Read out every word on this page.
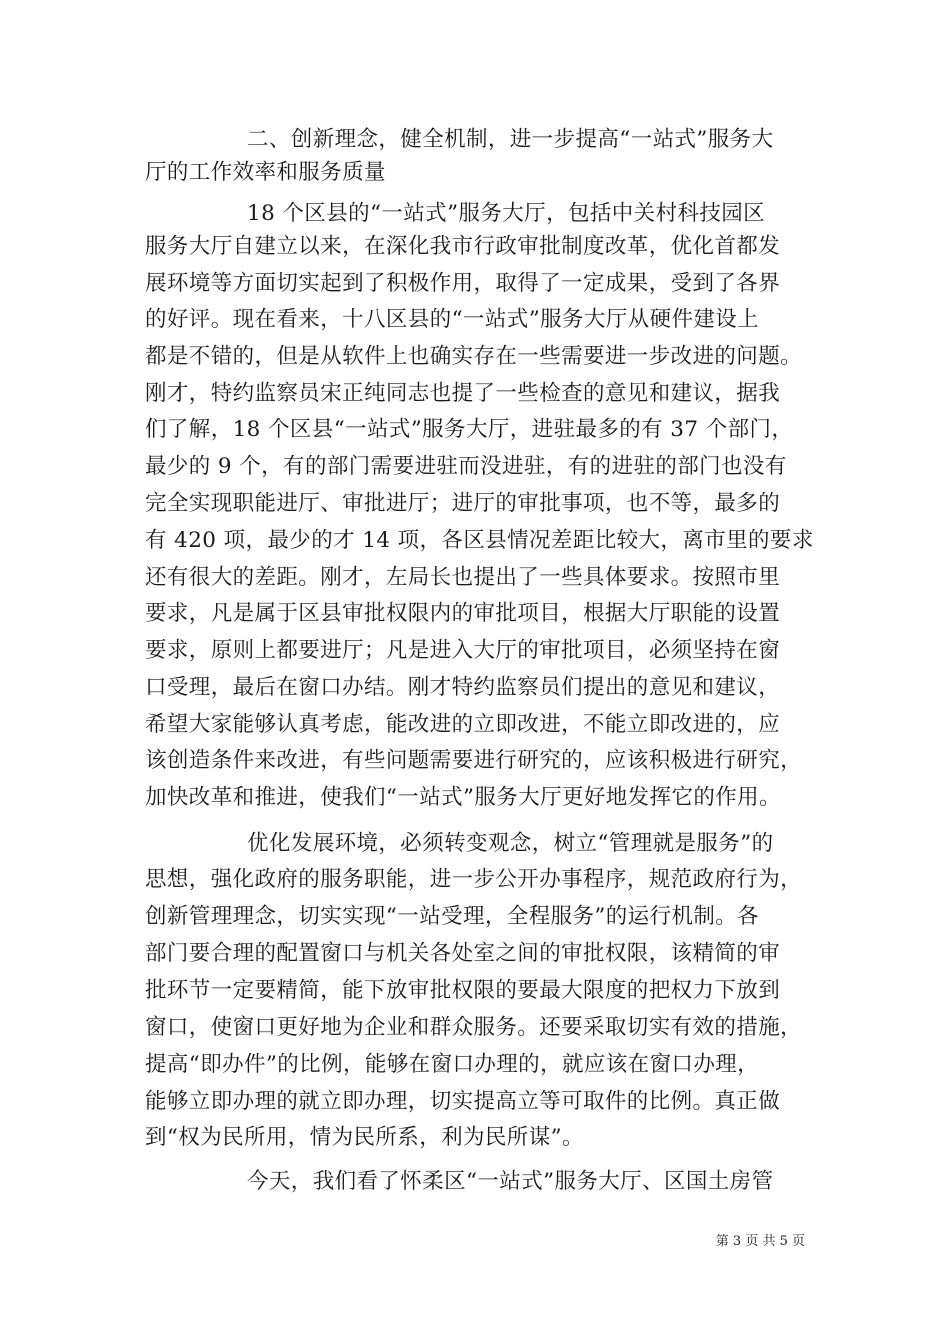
二、创新理念，健全机制，进一步提高“一站式”服务大
厅的工作效率和服务质量
18 个区县的“一站式”服务大厅，包括中关村科技园区
服务大厅自建立以来，在深化我市行政审批制度改革，优化首都发
展环境等方面切实起到了积极作用，取得了一定成果，受到了各界
的好评。现在看来，十八区县的“一站式”服务大厅从硬件建设上
都是不错的，但是从软件上也确实存在一些需要进一步改进的问题。
刚才，特约监察员宋正纯同志也提了一些检查的意见和建议，据我
们了解，18 个区县“一站式”服务大厅，进驻最多的有 37 个部门，
最少的 9 个，有的部门需要进驻而没进驻，有的进驻的部门也没有
完全实现职能进厅、审批进厅；进厅的审批事项，也不等，最多的
有 420 项，最少的才 14 项，各区县情况差距比较大，离市里的要求
还有很大的差距。刚才，左局长也提出了一些具体要求。按照市里
要求，凡是属于区县审批权限内的审批项目，根据大厅职能的设置
要求，原则上都要进厅；凡是进入大厅的审批项目，必须坚持在窗
口受理，最后在窗口办结。刚才特约监察员们提出的意见和建议，
希望大家能够认真考虑，能改进的立即改进，不能立即改进的，应
该创造条件来改进，有些问题需要进行研究的，应该积极进行研究，
加快改革和推进，使我们“一站式”服务大厅更好地发挥它的作用。
优化发展环境，必须转变观念，树立“管理就是服务”的
思想，强化政府的服务职能，进一步公开办事程序，规范政府行为，
创新管理理念，切实实现“一站受理，全程服务”的运行机制。各
部门要合理的配置窗口与机关各处室之间的审批权限，该精简的审
批环节一定要精简，能下放审批权限的要最大限度的把权力下放到
窗口，使窗口更好地为企业和群众服务。还要采取切实有效的措施，
提高“即办件”的比例，能够在窗口办理的，就应该在窗口办理，
能够立即办理的就立即办理，切实提高立等可取件的比例。真正做
到“权为民所用，情为民所系，利为民所谋”。
今天，我们看了怀柔区“一站式”服务大厅、区国土房管
第 3 页 共 5 页
